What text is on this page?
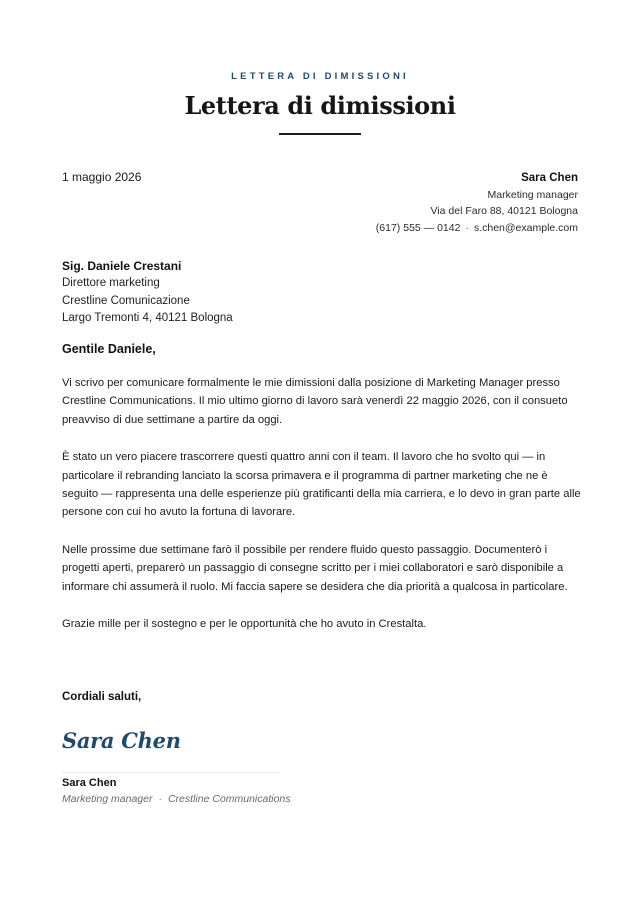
LETTERA DI DIMISSIONI
Lettera di dimissioni
1 maggio 2026	Sara Chen
Marketing manager
Via del Faro 88, 40121 Bologna
(617) 555 — 0142 · s.chen@example.com
Sig. Daniele Crestani
Direttore marketing
Crestline Comunicazione
Largo Tremonti 4, 40121 Bologna
Gentile Daniele,

Vi scrivo per comunicare formalmente le mie dimissioni dalla posizione di Marketing Manager presso Crestline Communications. Il mio ultimo giorno di lavoro sarà venerdì 22 maggio 2026, con il consueto preavviso di due settimane a partire da oggi.

È stato un vero piacere trascorrere questi quattro anni con il team. Il lavoro che ho svolto qui — in particolare il rebranding lanciato la scorsa primavera e il programma di partner marketing che ne è seguito — rappresenta una delle esperienze più gratificanti della mia carriera, e lo devo in gran parte alle persone con cui ho avuto la fortuna di lavorare.

Nelle prossime due settimane farò il possibile per rendere fluido questo passaggio. Documenterò i progetti aperti, preparerò un passaggio di consegne scritto per i miei collaboratori e sarò disponibile a informare chi assumerà il ruolo. Mi faccia sapere se desidera che dia priorità a qualcosa in particolare.

Grazie mille per il sostegno e per le opportunità che ho avuto in Crestalta.

Cordiali saluti,
Sara Chen
Sara Chen
Marketing manager · Crestline Communications
